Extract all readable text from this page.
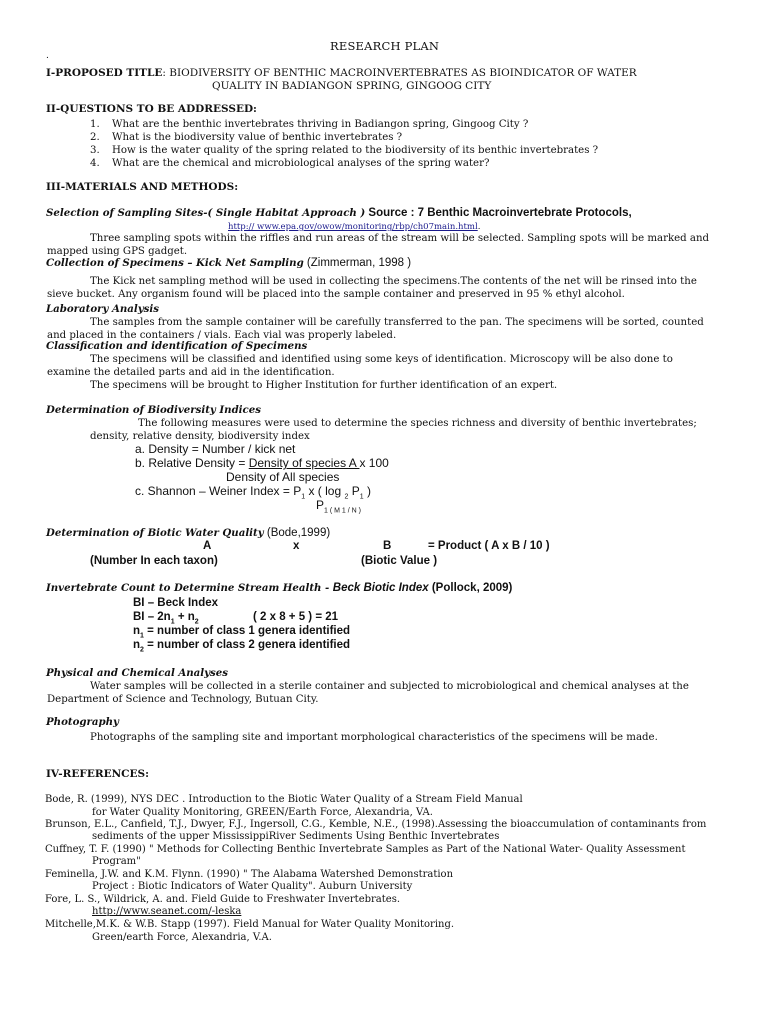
RESEARCH PLAN
.
I-PROPOSED TITLE: BIODIVERSITY OF BENTHIC MACROINVERTEBRATES AS BIOINDICATOR OF WATER
QUALITY IN BADIANGON SPRING, GINGOOG CITY
II-QUESTIONS TO BE ADDRESSED:
1. What are the benthic invertebrates thriving in Badiangon spring, Gingoog City ?
2. What is the biodiversity value of benthic invertebrates ?
3. How is the water quality of the spring related to the biodiversity of its benthic invertebrates ?
4. What are the chemical and microbiological analyses of the spring water?
III-MATERIALS AND METHODS:
Selection of Sampling Sites-( Single Habitat Approach ) Source : 7 Benthic Macroinvertebrate Protocols,
http:// www.epa.gov/owow/monitoring/rbp/ch07main.html.
Three sampling spots within the riffles and run areas of the stream will be selected. Sampling spots will be marked and mapped using GPS gadget.
Collection of Specimens – Kick Net Sampling (Zimmerman, 1998 )
The Kick net sampling method will be used in collecting the specimens.The contents of the net will be rinsed into the sieve bucket. Any organism found will be placed into the sample container and preserved in 95 % ethyl alcohol.
Laboratory Analysis
The samples from the sample container will be carefully transferred to the pan. The specimens will be sorted, counted and placed in the containers / vials. Each vial was properly labeled.
Classification and identification of Specimens
The specimens will be classified and identified using some keys of identification. Microscopy will be also done to examine the detailed parts and aid in the identification.
The specimens will be brought to Higher Institution for further identification of an expert.
Determination of Biodiversity Indices
The following measures were used to determine the species richness and diversity of benthic invertebrates; density, relative density, biodiversity index
a. Density = Number / kick net
b. Relative Density = Density of species A x 100
Density of All species
c. Shannon – Weiner Index = $P_1$ x ( log $_2$ $P_1$ )
$P_{1 ( M 1 / N )}$
Determination of Biotic Water Quality (Bode,1999)
A	x	B	= Product ( A x B / 10 )
(Number In each taxon)	(Biotic Value )
Invertebrate Count to Determine Stream Health - Beck Biotic Index (Pollock, 2009)
BI – Beck Index
BI – $2n_1 + n_2$	( 2 x 8 + 5 ) = 21
$n_1$ = number of class 1 genera identified
$n_2$ = number of class 2 genera identified
Physical and Chemical Analyses
Water samples will be collected in a sterile container and subjected to microbiological and chemical analyses at the Department of Science and Technology, Butuan City.
Photography
Photographs of the sampling site and important morphological characteristics of the specimens will be made.
IV-REFERENCES:
Bode, R. (1999), NYS DEC . Introduction to the Biotic Water Quality of a Stream Field Manual
for Water Quality Monitoring, GREEN/Earth Force, Alexandria, VA.
Brunson, E.L., Canfield, T.J., Dwyer, F.J., Ingersoll, C.G., Kemble, N.E., (1998).Assessing the bioaccumulation of contaminants from
sediments of the upper MississippiRiver Sediments Using Benthic Invertebrates
Cuffney, T. F. (1990) " Methods for Collecting Benthic Invertebrate Samples as Part of the National Water- Quality Assessment
Program"
Feminella, J.W. and K.M. Flynn. (1990) " The Alabama Watershed Demonstration
Project : Biotic Indicators of Water Quality". Auburn University
Fore, L. S., Wildrick, A. and. Field Guide to Freshwater Invertebrates.
http://www.seanet.com/-leska
Mitchelle,M.K. & W.B. Stapp (1997). Field Manual for Water Quality Monitoring.
Green/earth Force, Alexandria, V.A.
